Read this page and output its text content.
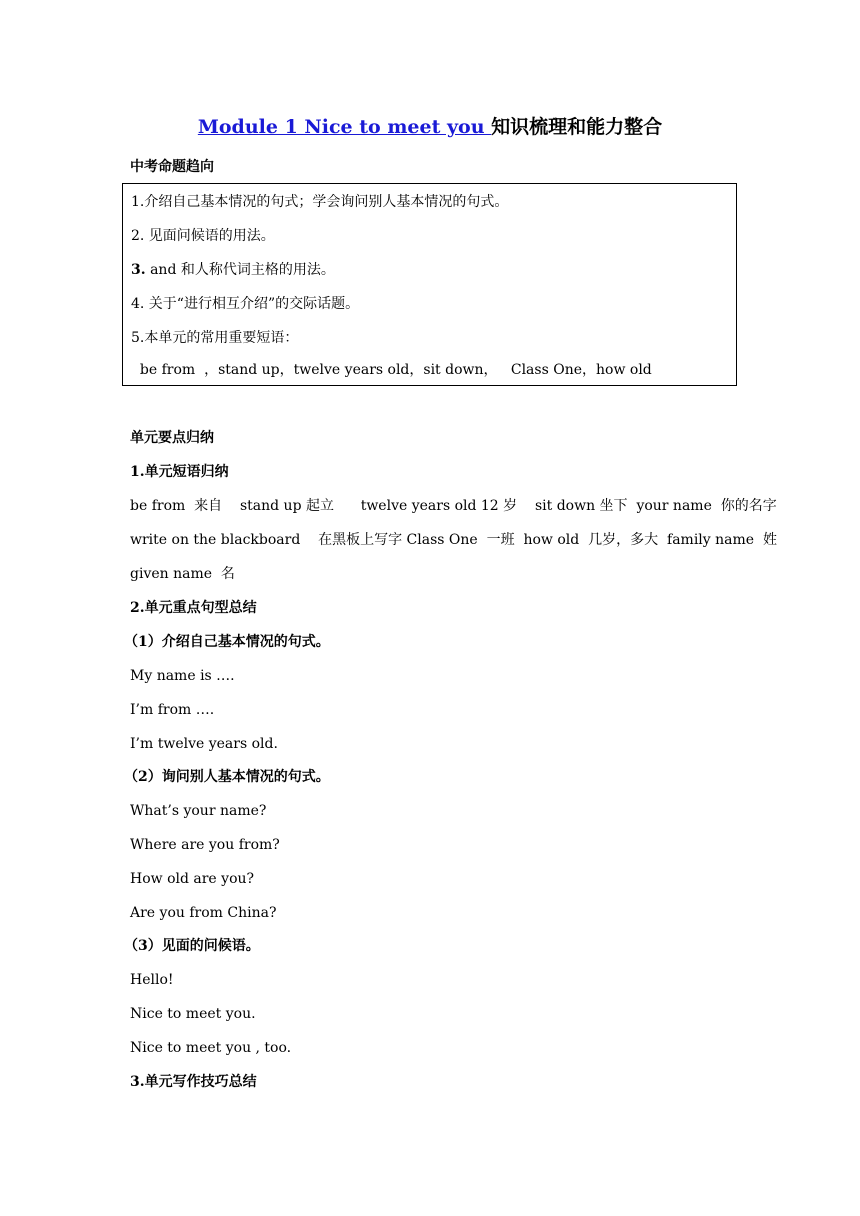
Module 1 Nice to meet you 知识梳理和能力整合
中考命题趋向
1.介绍自己基本情况的句式；学会询问别人基本情况的句式。
2. 见面问候语的用法。
3. and 和人称代词主格的用法。
4. 关于“进行相互介绍”的交际话题。
5.本单元的常用重要短语：
be from  ，stand up，twelve years old，sit down，   Class One，how old
单元要点归纳
1.单元短语归纳
be from  来自    stand up 起立      twelve years old 12 岁    sit down 坐下  your name  你的名字
write on the blackboard    在黑板上写字 Class One  一班  how old  几岁，多大  family name  姓
given name  名
2.单元重点句型总结
（1）介绍自己基本情况的句式。
My name is ….
I’m from ….
I’m twelve years old.
（2）询问别人基本情况的句式。
What’s your name?
Where are you from?
How old are you?
Are you from China?
（3）见面的问候语。
Hello!
Nice to meet you.
Nice to meet you , too.
3.单元写作技巧总结
